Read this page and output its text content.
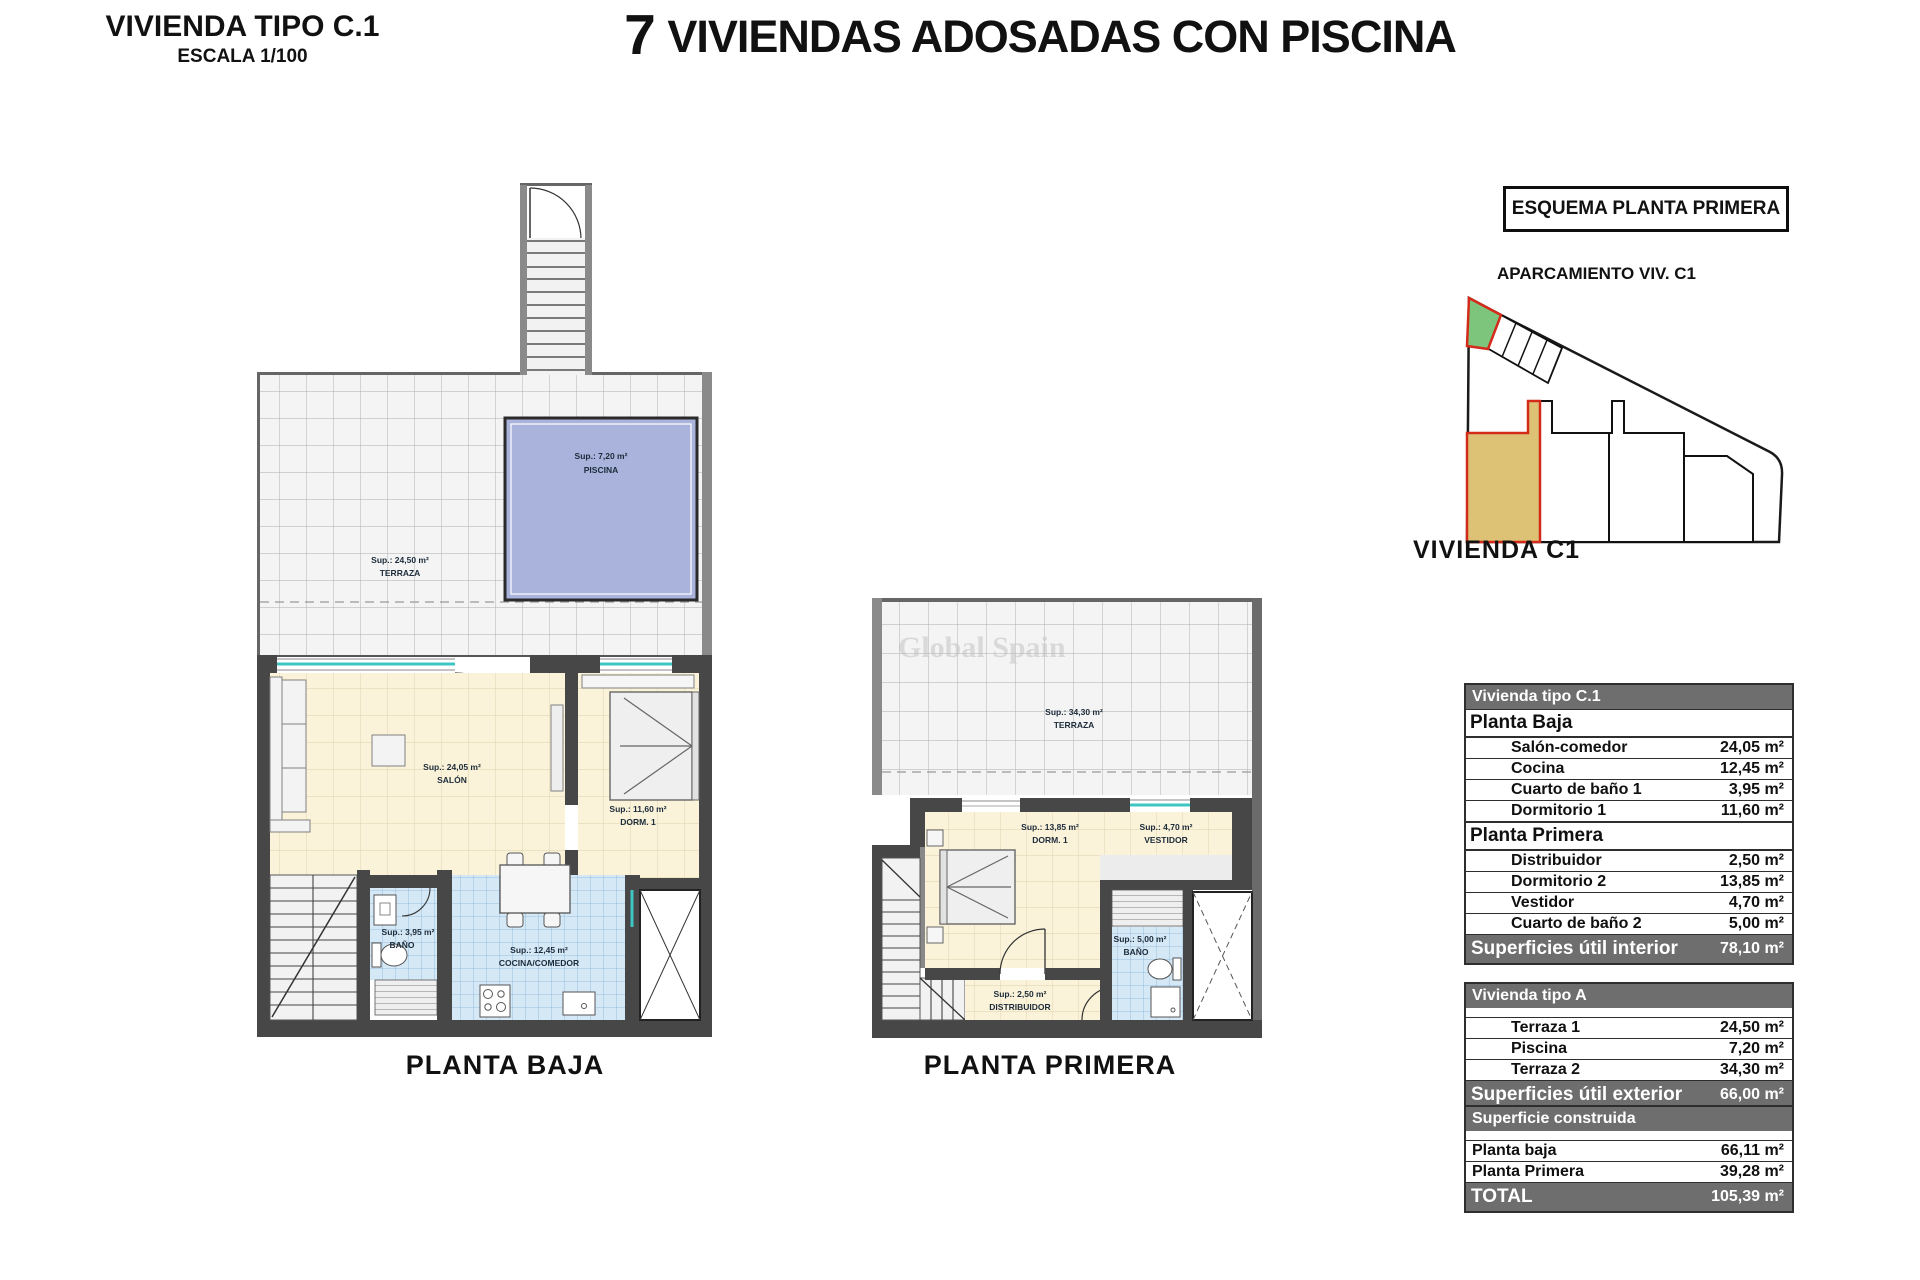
VIVIENDA TIPO C.1
ESCALA 1/100	7 VIVIENDAS ADOSADAS CON PISCINA
ESQUEMA PLANTA PRIMERA
APARCAMIENTO VIV. C1
VIVIENDA C1
Sup.: 24,50 m²
TERRAZA
Sup.: 7,20 m²
PISCINA
Sup.: 24,05 m²
SALÓN
Sup.: 11,60 m²
DORM. 1
Sup.: 3,95 m²
BAÑO	Sup.: 12,45 m²
COCINA/COMEDOR
Global Spain
Sup.: 34,30 m²
TERRAZA
Sup.: 13,85 m²
DORM. 1
Sup.: 4,70 m²
VESTIDOR
Sup.: 2,50 m²
DISTRIBUIDOR
Sup.: 5,00 m²
BAÑO
PLANTA BAJA	PLANTA PRIMERA
Vivienda tipo C.1
Planta Baja
Salón-comedor	24,05 m²
Cocina	12,45 m²
Cuarto de baño 1	3,95 m²
Dormitorio 1	11,60 m²
Planta Primera
Distribuidor	2,50 m²
Dormitorio 2	13,85 m²
Vestidor	4,70 m²
Cuarto de baño 2	5,00 m²
Superficies útil interior	78,10 m²
Vivienda tipo A
Terraza 1	24,50 m²
Piscina	7,20 m²
Terraza 2	34,30 m²
Superficies útil exterior 66,00 m²
Superficie construida
Planta baja	66,11 m²
Planta Primera	39,28 m²
TOTAL	105,39 m²
